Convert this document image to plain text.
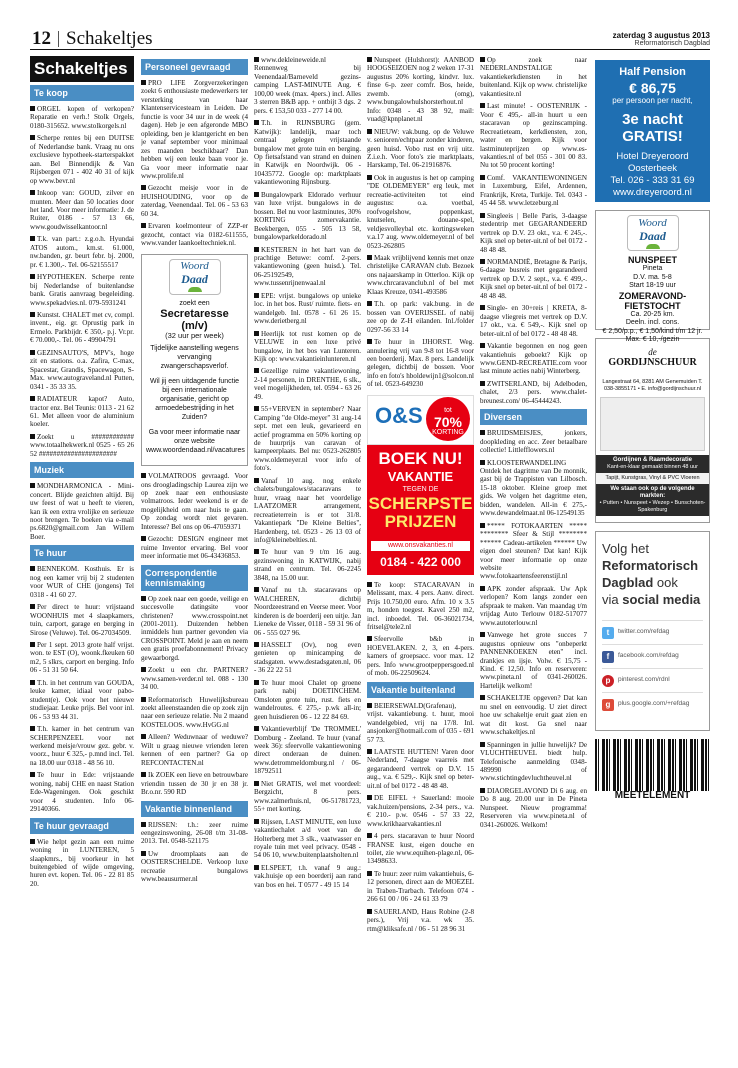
12 Schakeltjes	zaterdag 3 augustus 2013
Reformatorisch Dagblad
Schakeltjes
Te koop
ORGEL kopen of verkopen? Reparatie en verh.! Stolk Orgels, 0180-315652. www.stolkorgels.nl
Scherpe rentes bij een DUITSE of Nederlandse bank. Vraag nu ons exclusieve hypotheek-starterspakket aan. Bel Binnendijk & Van Rijsbergen 071 - 402 40 31 of kijk op www.bevr.nl
Inkoop van: GOUD, zilver en munten. Meer dan 50 locaties door het land. Voor meer informatie: J. de Ruiter, 0186 - 57 13 66, www.goudwisselkantoor.nl
T.k. van part.: z.g.o.h. Hyundai ATOS autom., km.st. 61.000, nw.banden, gr. beurt febr. bj. 2000, pr. € 1.300,-. Tel. 06-52155517
HYPOTHEKEN. Scherpe rente bij Nederlandse of buitenlandse bank. Gratis aanvraag begeleiding. www.spekadvies.nl. 079-5931241
Kunstst. CHALET met cv, compl. invent., eig. gr. Oprustig park in Ermelo. Parkbijdr. € 350,- p.j. Vr.pr. € 70.000,-. Tel. 06 - 49904791
GEZINSAUTO'S, MPV's, hoge zit en stations. o.a. Zafira, C-max, Spacestar, Grandis, Spacewagon, S-Max. www.autograveland.nl Putten, 0341 - 35 33 35.
RADIATEUR kapot? Auto, tractor enz. Bel Teunis: 0113 - 21 62 61. Met alleen voor de aluminium koeler.
Zoekt u ############ www.totaalhekwerk.nl 0525 - 65 26 52 ######################
Muziek
MONDHARMONICA - Mini-concert. Blijde gezichten altijd. Bij uw feest of wat u heeft te vieren, kan ik een extra vrolijke en serieuze noot brengen. Te boeken via e-mail ps.6820@gmail.com Jan Willem Boer.
Te huur
BENNEKOM. Kosthuis. Er is nog een kamer vrij bij 2 studenten voor WUR of CHE (jongens) Tel 0318 - 41 60 27.
Per direct te huur: vrijstaand WOONHUIS met 4 slaapkamers, tuin, carport, garage en berging in Sirose (Veluwe). Tel. 06-27034509.
Per 1 sept. 2013 grote half vrijst. won. te EST (O), woonk.fkeuken 60 m2, 5 slkrs, carport en berging. Info 06 - 51 31 50 64.
T.h. in het centrum van GOUDA, leuke kamer, idiaal voor pabo-student(e). Ook voor het nieuwe studiejaar. Leuke prijs. Bel voor inl. 06 - 53 93 44 31.
T.h. kamer in het centrum van SCHERPENZEEL voor net werkend meisje/vrouw gez. gebr. v. voorz., huur € 325,- p.mnd incl. Tel. na 18.00 uur 0318 - 48 56 10.
Te huur in Ede: vrijstaande woning, nabij CHE en naast Station Ede-Wageningen. Ook geschikt voor 4 studenten. Info 06-29140366.
Te huur gevraagd
Wie helpt gezin aan een ruime woning in LUNTEREN, 5 slaapkmrs., bij voorkeur in het buitengebied of wijde omgeving, huren evt. kopen. Tel. 06 - 22 81 85 20.
Personeel gevraagd
PRO LIFE Zorgverzekeringen zoekt 6 enthousiaste medewerkers ter versterking van haar Klantenservicesteam in Leiden. De functie is voor 34 uur in de week (4 dagen). Heb je een afgeronde MBO opleiding, ben je klantgericht en ben je vanaf september voor minimaal zes maanden beschikbaar? Dan hebben wij een leuke baan voor je. Ga voor meer informatie naar www.prolife.nl
Gezocht meisje voor in de HUISHOUDING, voor op de zaterdag, Veenendaal. Tel. 06 - 53 63 60 34.
Ervaren koelmonteur of ZZP-er gezocht, contact via 0182-611555, www.vander laankoeltechniek.nl.
Woord
Daad
zoekt een
Secretaresse (m/v)
(32 uur per week)

Tijdelijke aanstelling wegens vervanging zwangerschapsverlof.

Wil jij een uitdagende functie bij een internationale organisatie, gericht op armoedebestrijding in het Zuiden?

Ga voor meer informatie naar onze website www.woordendaad.nl/vacatures

VOLMATROOS gevraagd. Voor ons droogladingschip Laurea zijn we op zoek naar een enthousiaste volmatroos. Ieder weekend is er de mogelijkheid om naar huis te gaan. Op zondag wordt niet gevaren. Interesse? Bel ons op 06-47059371
Gezocht: DESIGN engineer met ruime Inventor ervaring. Bel voor meer informatie met 06-43436853.
Correspondentie kennismaking
Op zoek naar een goede, veilige en succesvolle datingsite voor christenen? www.crosspoint.net (2001-2011). Duizenden hebben inmiddels hun partner gevonden via CROSSPOINT. Meld je aan en neem een gratis proefabonnement! Privacy gewaarborgd.
Zoekt u een chr. PARTNER? www.samen-verder.nl tel. 088 - 130 34 00.
Reformatorisch Huwelijksbureau zoekt alleenstaanden die op zoek zijn naar een serieuze relatie. Nu 2 maand KOSTELOOS. www.HvGG.nl
Alleen? Weduwnaar of weduwe? Wilt u graag nieuwe vrienden leren kennen of een partner? Ga op REFCONTACTEN.nl
Ik ZOEK een lieve en betrouwbare vriendin tussen de 30 jr en 38 jr. Br.o.nr. 590 RD
Vakantie binnenland
RIJSSEN: t.h.: zeer ruime eengezinswoning, 26-08 t/m 31-08-2013. Tel. 0548-521175
Uw droomplaats aan de OOSTERSCHELDE. Verkoop luxe recreatie bungalows www.beausurmer.nl
www.dekleineweide.nl Rennenweg bij Veenendaal/Barneveld gezins-camping LAST-MINUTE Aug. € 100,00 week (max. 4pers.) incl. Alles 3 sterren B&B app. + ontbijt 3 dgs. 2 pers. € 153,50 033 - 277 14 00.
T.h. in RIJNSBURG (gem. Katwijk): landelijk, maar toch centraal gelegen vrijstaande bungalow met grote tuin en berging. Op fietsafstand van strand en duinen in Katwijk en Noordwijk. 06 - 10435772. Google op: marktplaats vakantiewoning Rijnsburg.
Bungalowpark Eldorado verhuur van luxe vrijst. bungalows in de bossen. Bel nu voor lastminutes, 30% KORTING zomervakantie. Beekbergen, 055 - 505 13 58, bungalowparkeldorado.nl
KESTEREN in het hart van de prachtige Betuwe: comf. 2-pers. vakantiewoning (geen huisd.). Tel. 06-25192549, www.tussenrijnenwaal.nl
EPE: vrijst. bungalows op unieke loc. in het bos. Rust/ ruimte. fiets- en wandelgeb. Inl. 0578 - 61 26 15. www.derietberg.nl
Heerlijk tot rust komen op de VELUWE in een luxe privé bungalow, in het bos van Lunteren. Kijk op: www.vakantieinlunteren.nl
Gezellige ruime vakantiewoning, 2-14 personen, in DRENTHE, 6 slk., veel mogelijkheden, tel. 0594 - 63 26 49.
55+VERVEN in september? Naar Camping "de Olde-meyer" 31 aug-14 sept. met een leuk, gevarieerd en actief programma en 50% korting op de huurprijs van caravan of kampeerplaats. Bel nu: 0523-262805 www.oldemeyer.nl voor info of foto's.
Vanaf 10 aug. nog enkele chalets/bungalows/stacaravans te huur, vraag naar het voordelige LAATZOMER arrangement, recreatieterrein is er tot 31/8. Vakantiepark "De Kleine Belties", Hardenberg, tel. 0523 - 26 13 03 of info@kleinebelties.nl.
Te huur van 9 t/m 16 aug. gezinswoning in KATWIJK, nabij strand en centrum. Tel. 06-2245 3848, na 15.00 uur.
Vanaf nu t.h. stacaravans op WALCHEREN, dichtbij Noordzeestrand en Veerse meer. Voor kinderen is de boerderij een uitje. Jan Lieneke de Visser, 0118 - 59 31 96 of 06 - 555 027 96.
HASSELT (Ov), nog even genieten op minicamping de stadsgaten. www.destadsgaten.nl, 06 - 36 22 22 51
Te huur mooi Chalet op groene park nabij DOETINCHEM. Omsloten grote tuin, rust. fiets en wandelroutes. € 275,- p.wk all-in; geen huisdieren 06 - 12 22 84 69.
Vakantieverblijf 'De TROMMEL' Domburg - Zeeland. Te huur (vanaf week 36): sfeervolle vakantiewoning direct onderaan de duinen. www.detrommeldomburg.nl / 06-18792511
Niet GRATIS, wel met voordeel: Bergzicht, 8 pers. www.zalmerhuis.nl, 06-51781723, 55+ met korting.
Rijssen, LAST MINUTE, een luxe vakantiechalet a/d voet van de Holterberg met 3 slk., vaatwasser en royale tuin met veel privacy. 0548 - 54 06 10, www.buitenplaatsholten.nl
ELSPEET, t.h. vanaf 9 aug.: vak.huisje op een boerderij aan rand van bos en hei. T 0577 - 49 15 14
Nunspeet (Hulshorst): AANBOD HOOGSEIZOEN nog 2 weken 17-31 augustus 20% korting, kindvr. lux. finse 6-p. zeer comfr. Bos, heide, zwemb. (omg), www.bungalowhulshorsterhout.nl Info: 0348 - 43 38 92, mail: vuad@kpnplanet.nl
NIEUW: vak.bung. op de Veluwe v. senioren/echtpaar zonder kinderen, geen huisd. Vobo rust en vrij uitz. Z.i.e.h. Voor foto's zie marktplaats, Harskamp, Tel. 06-21916876.
Ook in augustus is het op camping "DE OLDEMEYER" erg leuk, met recreatie-activiteiten tot eind augustus: o.a. voetbal, roofvogelshow, poppenkast, knutselen, douane-spel, veldjesvolleybal etc. kortingsweken v.a.17 aug. www.oldemeyer.nl of bel 0523-262805
Maak vrijblijvend kennis met onze christelijke CARAVAN club. Bezoek ons najaarskamp in Otterloo. Kijk op www.chrcaravanclub.nl of bel met Klaas Kreuze, 0341-493586
T.h. op park: vak.bung. in de bossen van OVERIJSSEL of nabij zee op de Z-H eilanden. Inl./folder 0297-56 33 14
Te huur in IJHORST. Weg. annulering vrij van 9-8 tot 16-8 voor een boerderij. Max. 8 pers. Landelijk gelegen, dichtbij de bossen. Voor info en foto's hboldewijn1@solcon.nl of tel. 0523-649230
O&S	tot
70%
KORTING
BOEK NU!
VAKANTIE
TEGEN DE
SCHERPSTE
PRIJZEN
www.onsvakanties.nl
0184 - 422 000
Te koop: STACARAVAN in Melissant, max. 4 pers. Aanv. direct. Prijs 10.750,00 euro. Afm. 10 x 3.5 m, honden toegest. Kavel 250 m2, incl. inboedel. Tel. 06-36021734, fritsel@tele2.nl
Sfeervolle b&b in HOEVELAKEN. 2, 3, en 4-pers. kamers of groepsacc. voor max. 12 pers. Info www.grootpeppersgoed.nl of mob. 06-22509624.
Vakantie buitenland
BEIERSEWALD(Grafenau), vrijst. vakantiebung. t. huur, mooi wandelgebied, vrij na 17/8. Inl. ansjonker@hotmail.com of 035 - 691 57 73.
LAATSTE HUTTEN! Varen door Nederland, 7-daagse vaarreis met gegarandeerd vertrek op D.V. 15 aug., v.a. € 529,-. Kijk snel op beter-uit.nl of bel 0172 - 48 48 48.
DE EIFEL + Sauerland: mooie vak.huizen/pensions, 2-34 pers., v.a. € 210.- p.w. 0546 - 57 33 22, www.krikhaarvakanties.nl
4 pers. stacaravan te huur Noord FRANSE kust, eigen douche en toilet, zie www.equihen-plage.nl, 06-13498633.
Te huur: zeer ruim vakantiehuis, 6-12 personen, direct aan de MOEZEL in Traben-Trarbach. Telefoon 074 - 266 61 00 / 06 - 24 61 33 79
SAUERLAND, Haus Robine (2-8 pers.), Vrij v.a. wk 35. rtm@kliksafe.nl / 06 - 51 28 96 31
Op zoek naar NEDERLANDSTALIGE vakantiekerkdiensten in het buitenland. Kijk op www. christelijke vakantiesite.nl
Last minute! - OOSTENRIJK - Voor € 495,- all-in huurt u een stacaravan op gezinscamping. Recreatieteam, kerkdiensten, zon, water en bergen. Kijk voor lastminuteprijzen op www.es-vakanties.nl of bel 055 - 301 00 83. Nu tot 50 procent korting!
Comf. VAKANTIEWONINGEN in Luxemburg, Eifel, Ardennen, Frankrijk, Kreta, Turkije. Tel. 0343 - 45 44 58. www.letzeburg.nl
Singleeis | Belle Paris, 3-daagse stedentrip met GEGARANDEERD vertrek op D.V. 23 okt., v.a. € 245,-. Kijk snel op beter-uit.nl of bel 0172 - 48 48 48.
NORMANDIË, Bretagne & Parijs, 6-daagse busreis met gegarandeerd vertrek op D.V. 2 sept., v.a. € 499,-. Kijk snel op beter-uit.nl of bel 0172 - 48 48 48.
Single- en 30+reis | KRETA, 8-daagse vliegreis met vertrek op D.V. 17 okt., v.a. € 549,-. Kijk snel op beter-uit.nl of bel 0172 - 48 48 48.
Vakantie begonnen en nog geen vakantiehuis geboekt? Kijk op www.GEND-RECREATIE.com voor last minute acties nabij Winterberg.
ZWITSERLAND, bij Adelboden, chalet, 2/3 pers. www.chalet-breunest.com/ 06-45444243.
Diversen
BRUIDSMEISJES, jonkers, doopkleding en acc. Zeer betaalbare collectie! Littlefflowers.nl
KLOOSTERWANDELING Ontdek het dagritme van De monnik, gast bij de Trappisten van Lilbosch. 15-18 oktober. Kleine groep met gids. We volgen het dagritme eten, bidden, wandelen. All-in € 275,- www.dewandelmaat.nl 06-12549135
***** FOTOKAARTEN ***** ******** Sfeer & Stijl ******** ****** Cadeau-artikelen ****** Uw eigen doel steunen? Dat kan! Kijk voor meer informatie op onze website www.fotokaartensfeerenstijl.nl
APK zonder afspraak. Uw Apk verlopen? Kom langs zonder een afspraak te maken. Van maandag t/m vrijdag Auto Terlouw 0182-517077 www.autoterlouw.nl
Vanwege het grote succes 7 augustus opnieuw ons "onbeperkt PANNENKOEKEN eten" incl. drankjes en ijsje. Volw. € 15,75 - Kind. € 12,50. Info en reserveren: www.pineta.nl of 0341-260026. Hartelijk welkom!
SCHAKELTJE opgeven? Dat kan nu snel en eenvoudig. U ziet direct hoe uw schakeltje eruit gaat zien en wat dit kost. Ga snel naar www.schakeltjes.nl
Spanningen in jullie huwelijk? De VLUCHTHEUVEL biedt hulp. Telefonische aanmelding 0348-489990 of www.stichtingdevluchtheuvel.nl
DIAORGELAVOND Di 6 aug. en Do 8 aug. 20.00 uur in De Pineta Nunspeet. Nieuw programma! Reserveren via www.pineta.nl of 0341-260026. Welkom!
Half Pension
€ 86,75
per persoon per nacht,
3e nacht
GRATIS!
Hotel Dreyeroord
Oosterbeek
Tel. 026 - 333 31 69
www.dreyeroord.nl
Woord
Daad
NUNSPEET
Pineta
D.V. ma. 5-8
Start 18-19 uur
ZOMERAVOND-FIETSTOCHT
Ca. 20-25 km.
Deeln. incl. cons.
€ 2,50/p.p., € 1,50/kind t/m 12 jr.
Max. € 10,-/gezin
de
GORDIJNSCHUUR
Langestraat 64, 8281 AM Genemuiden T. 038-3855171 • E. info@gordijnschuur.nl
Gordijnen & Raamdecoratie
Kant-en-klaar gemaakt binnen 48 uur
Tapijt, Kunstgras, Vinyl & PVC Vloeren
We staan ook op de volgende markten:
• Putten • Nunspeet • Wezep • Bunschoten-Spakenburg
Volg het
Reformatorisch
Dagblad ook
via social media
t	twitter.com/refdag
f	facebook.com/refdag
p	pinterest.com/rdnl
g	plus.google.com/+refdag
MEETELEMENT
